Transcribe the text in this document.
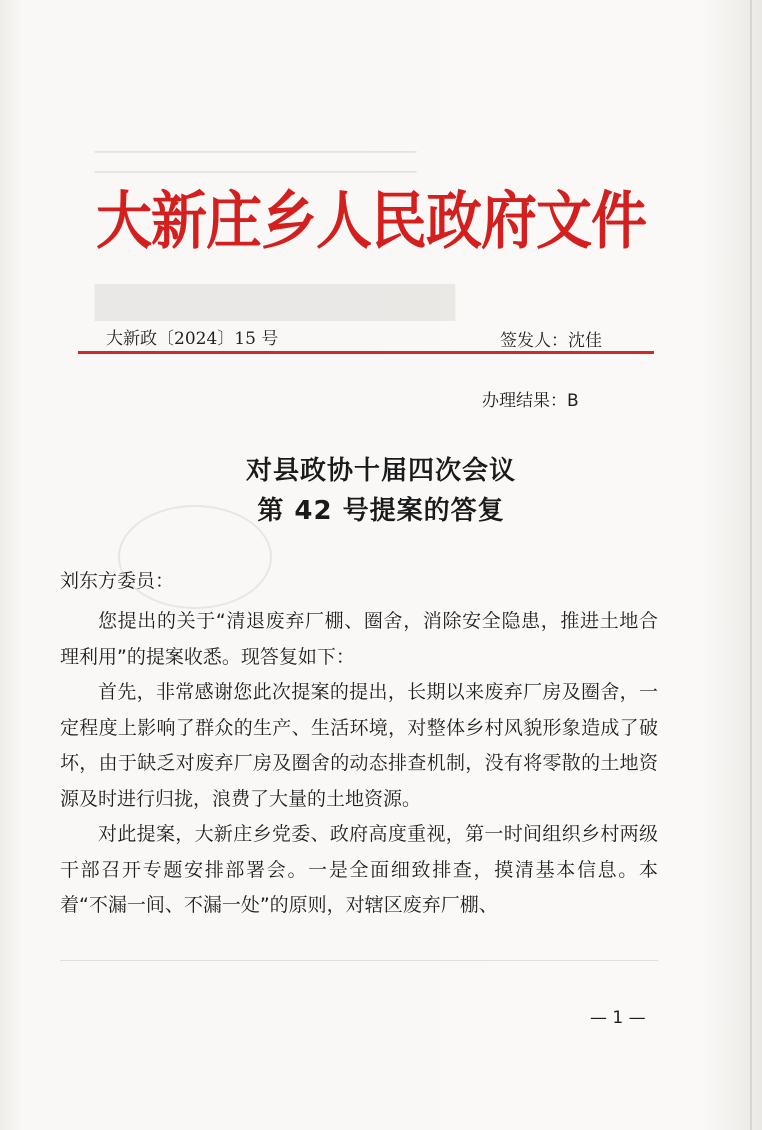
▁▁▁▁▁▁▁▁▁▁▁▁▁▁▁▁▁▁▁▁▁▁▁▁▁▁▁▁▁▁▁▁▁▁▁▁▁▁
▁▁▁▁▁▁▁▁▁▁▁▁▁▁▁▁▁▁▁▁▁▁▁▁▁▁▁▁▁▁▁▁▁▁▁▁▁▁
▇▇▇▇▇▇▇▇▇▇▇▇▇
大新庄乡人民政府文件
大新政〔2024〕15 号	签发人：沈佳
办理结果：B
对县政协十届四次会议
第 42 号提案的答复
刘东方委员：

您提出的关于“清退废弃厂棚、圈舍，消除安全隐患，推进土地合理利用”的提案收悉。现答复如下：

首先，非常感谢您此次提案的提出，长期以来废弃厂房及圈舍，一定程度上影响了群众的生产、生活环境，对整体乡村风貌形象造成了破坏，由于缺乏对废弃厂房及圈舍的动态排查机制，没有将零散的土地资源及时进行归拢，浪费了大量的土地资源。

对此提案，大新庄乡党委、政府高度重视，第一时间组织乡村两级干部召开专题安排部署会。一是全面细致排查，摸清基本信息。本着“不漏一间、不漏一处”的原则，对辖区废弃厂棚、

— 1 —
